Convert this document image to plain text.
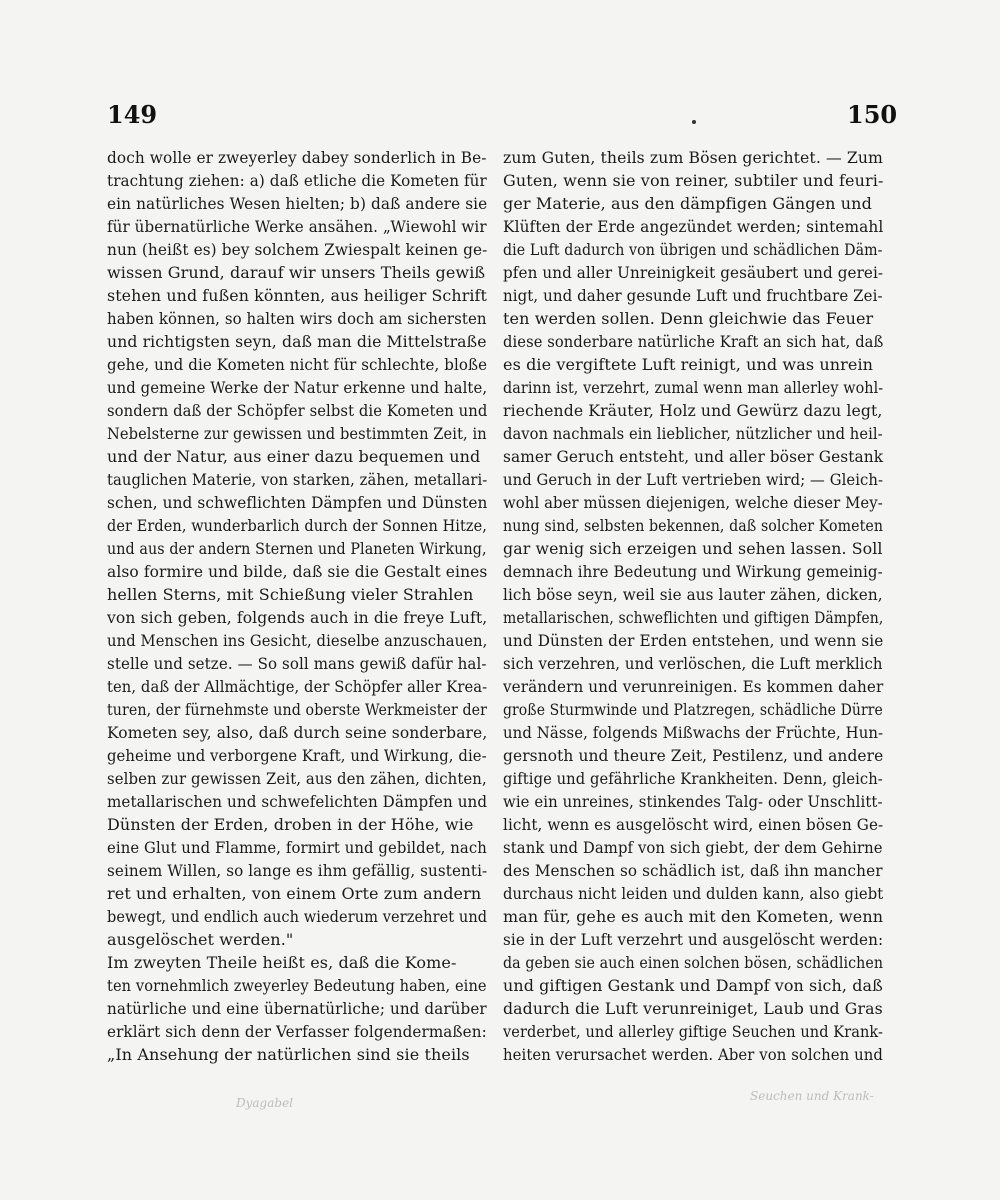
149	150
doch wolle er zweyerley dabey sonderlich in Be-
trachtung ziehen: a) daß etliche die Kometen für
ein natürliches Wesen hielten; b) daß andere sie
für übernatürliche Werke ansähen. „Wiewohl wir
nun (heißt es) bey solchem Zwiespalt keinen ge-
wissen Grund, darauf wir unsers Theils gewiß
stehen und fußen könnten, aus heiliger Schrift
haben können, so halten wirs doch am sichersten
und richtigsten seyn, daß man die Mittelstraße
gehe, und die Kometen nicht für schlechte, bloße
und gemeine Werke der Natur erkenne und halte,
sondern daß der Schöpfer selbst die Kometen und
Nebelsterne zur gewissen und bestimmten Zeit, in
und der Natur, aus einer dazu bequemen und
tauglichen Materie, von starken, zähen, metallari-
schen, und schweflichten Dämpfen und Dünsten
der Erden, wunderbarlich durch der Sonnen Hitze,
und aus der andern Sternen und Planeten Wirkung,
also formire und bilde, daß sie die Gestalt eines
hellen Sterns, mit Schießung vieler Strahlen
von sich geben, folgends auch in die freye Luft,
und Menschen ins Gesicht, dieselbe anzuschauen,
stelle und setze. — So soll mans gewiß dafür hal-
ten, daß der Allmächtige, der Schöpfer aller Krea-
turen, der fürnehmste und oberste Werkmeister der
Kometen sey, also, daß durch seine sonderbare,
geheime und verborgene Kraft, und Wirkung, die-
selben zur gewissen Zeit, aus den zähen, dichten,
metallarischen und schwefelichten Dämpfen und
Dünsten der Erden, droben in der Höhe, wie
eine Glut und Flamme, formirt und gebildet, nach
seinem Willen, so lange es ihm gefällig, sustenti-
ret und erhalten, von einem Orte zum andern
bewegt, und endlich auch wiederum verzehret und
ausgelöschet werden."
Im zweyten Theile heißt es, daß die Kome-
ten vornehmlich zweyerley Bedeutung haben, eine
natürliche und eine übernatürliche; und darüber
erklärt sich denn der Verfasser folgendermaßen:
„In Ansehung der natürlichen sind sie theils
zum Guten, theils zum Bösen gerichtet. — Zum
Guten, wenn sie von reiner, subtiler und feuri-
ger Materie, aus den dämpfigen Gängen und
Klüften der Erde angezündet werden; sintemahl
die Luft dadurch von übrigen und schädlichen Däm-
pfen und aller Unreinigkeit gesäubert und gerei-
nigt, und daher gesunde Luft und fruchtbare Zei-
ten werden sollen. Denn gleichwie das Feuer
diese sonderbare natürliche Kraft an sich hat, daß
es die vergiftete Luft reinigt, und was unrein
darinn ist, verzehrt, zumal wenn man allerley wohl-
riechende Kräuter, Holz und Gewürz dazu legt,
davon nachmals ein lieblicher, nützlicher und heil-
samer Geruch entsteht, und aller böser Gestank
und Geruch in der Luft vertrieben wird; — Gleich-
wohl aber müssen diejenigen, welche dieser Mey-
nung sind, selbsten bekennen, daß solcher Kometen
gar wenig sich erzeigen und sehen lassen. Soll
demnach ihre Bedeutung und Wirkung gemeinig-
lich böse seyn, weil sie aus lauter zähen, dicken,
metallarischen, schweflichten und giftigen Dämpfen,
und Dünsten der Erden entstehen, und wenn sie
sich verzehren, und verlöschen, die Luft merklich
verändern und verunreinigen. Es kommen daher
große Sturmwinde und Platzregen, schädliche Dürre
und Nässe, folgends Mißwachs der Früchte, Hun-
gersnoth und theure Zeit, Pestilenz, und andere
giftige und gefährliche Krankheiten. Denn, gleich-
wie ein unreines, stinkendes Talg- oder Unschlitt-
licht, wenn es ausgelöscht wird, einen bösen Ge-
stank und Dampf von sich giebt, der dem Gehirne
des Menschen so schädlich ist, daß ihn mancher
durchaus nicht leiden und dulden kann, also giebt
man für, gehe es auch mit den Kometen, wenn
sie in der Luft verzehrt und ausgelöscht werden:
da geben sie auch einen solchen bösen, schädlichen
und giftigen Gestank und Dampf von sich, daß
dadurch die Luft verunreiniget, Laub und Gras
verderbet, und allerley giftige Seuchen und Krank-
heiten verursachet werden. Aber von solchen und
Dyagabel	Seuchen und Krank-
